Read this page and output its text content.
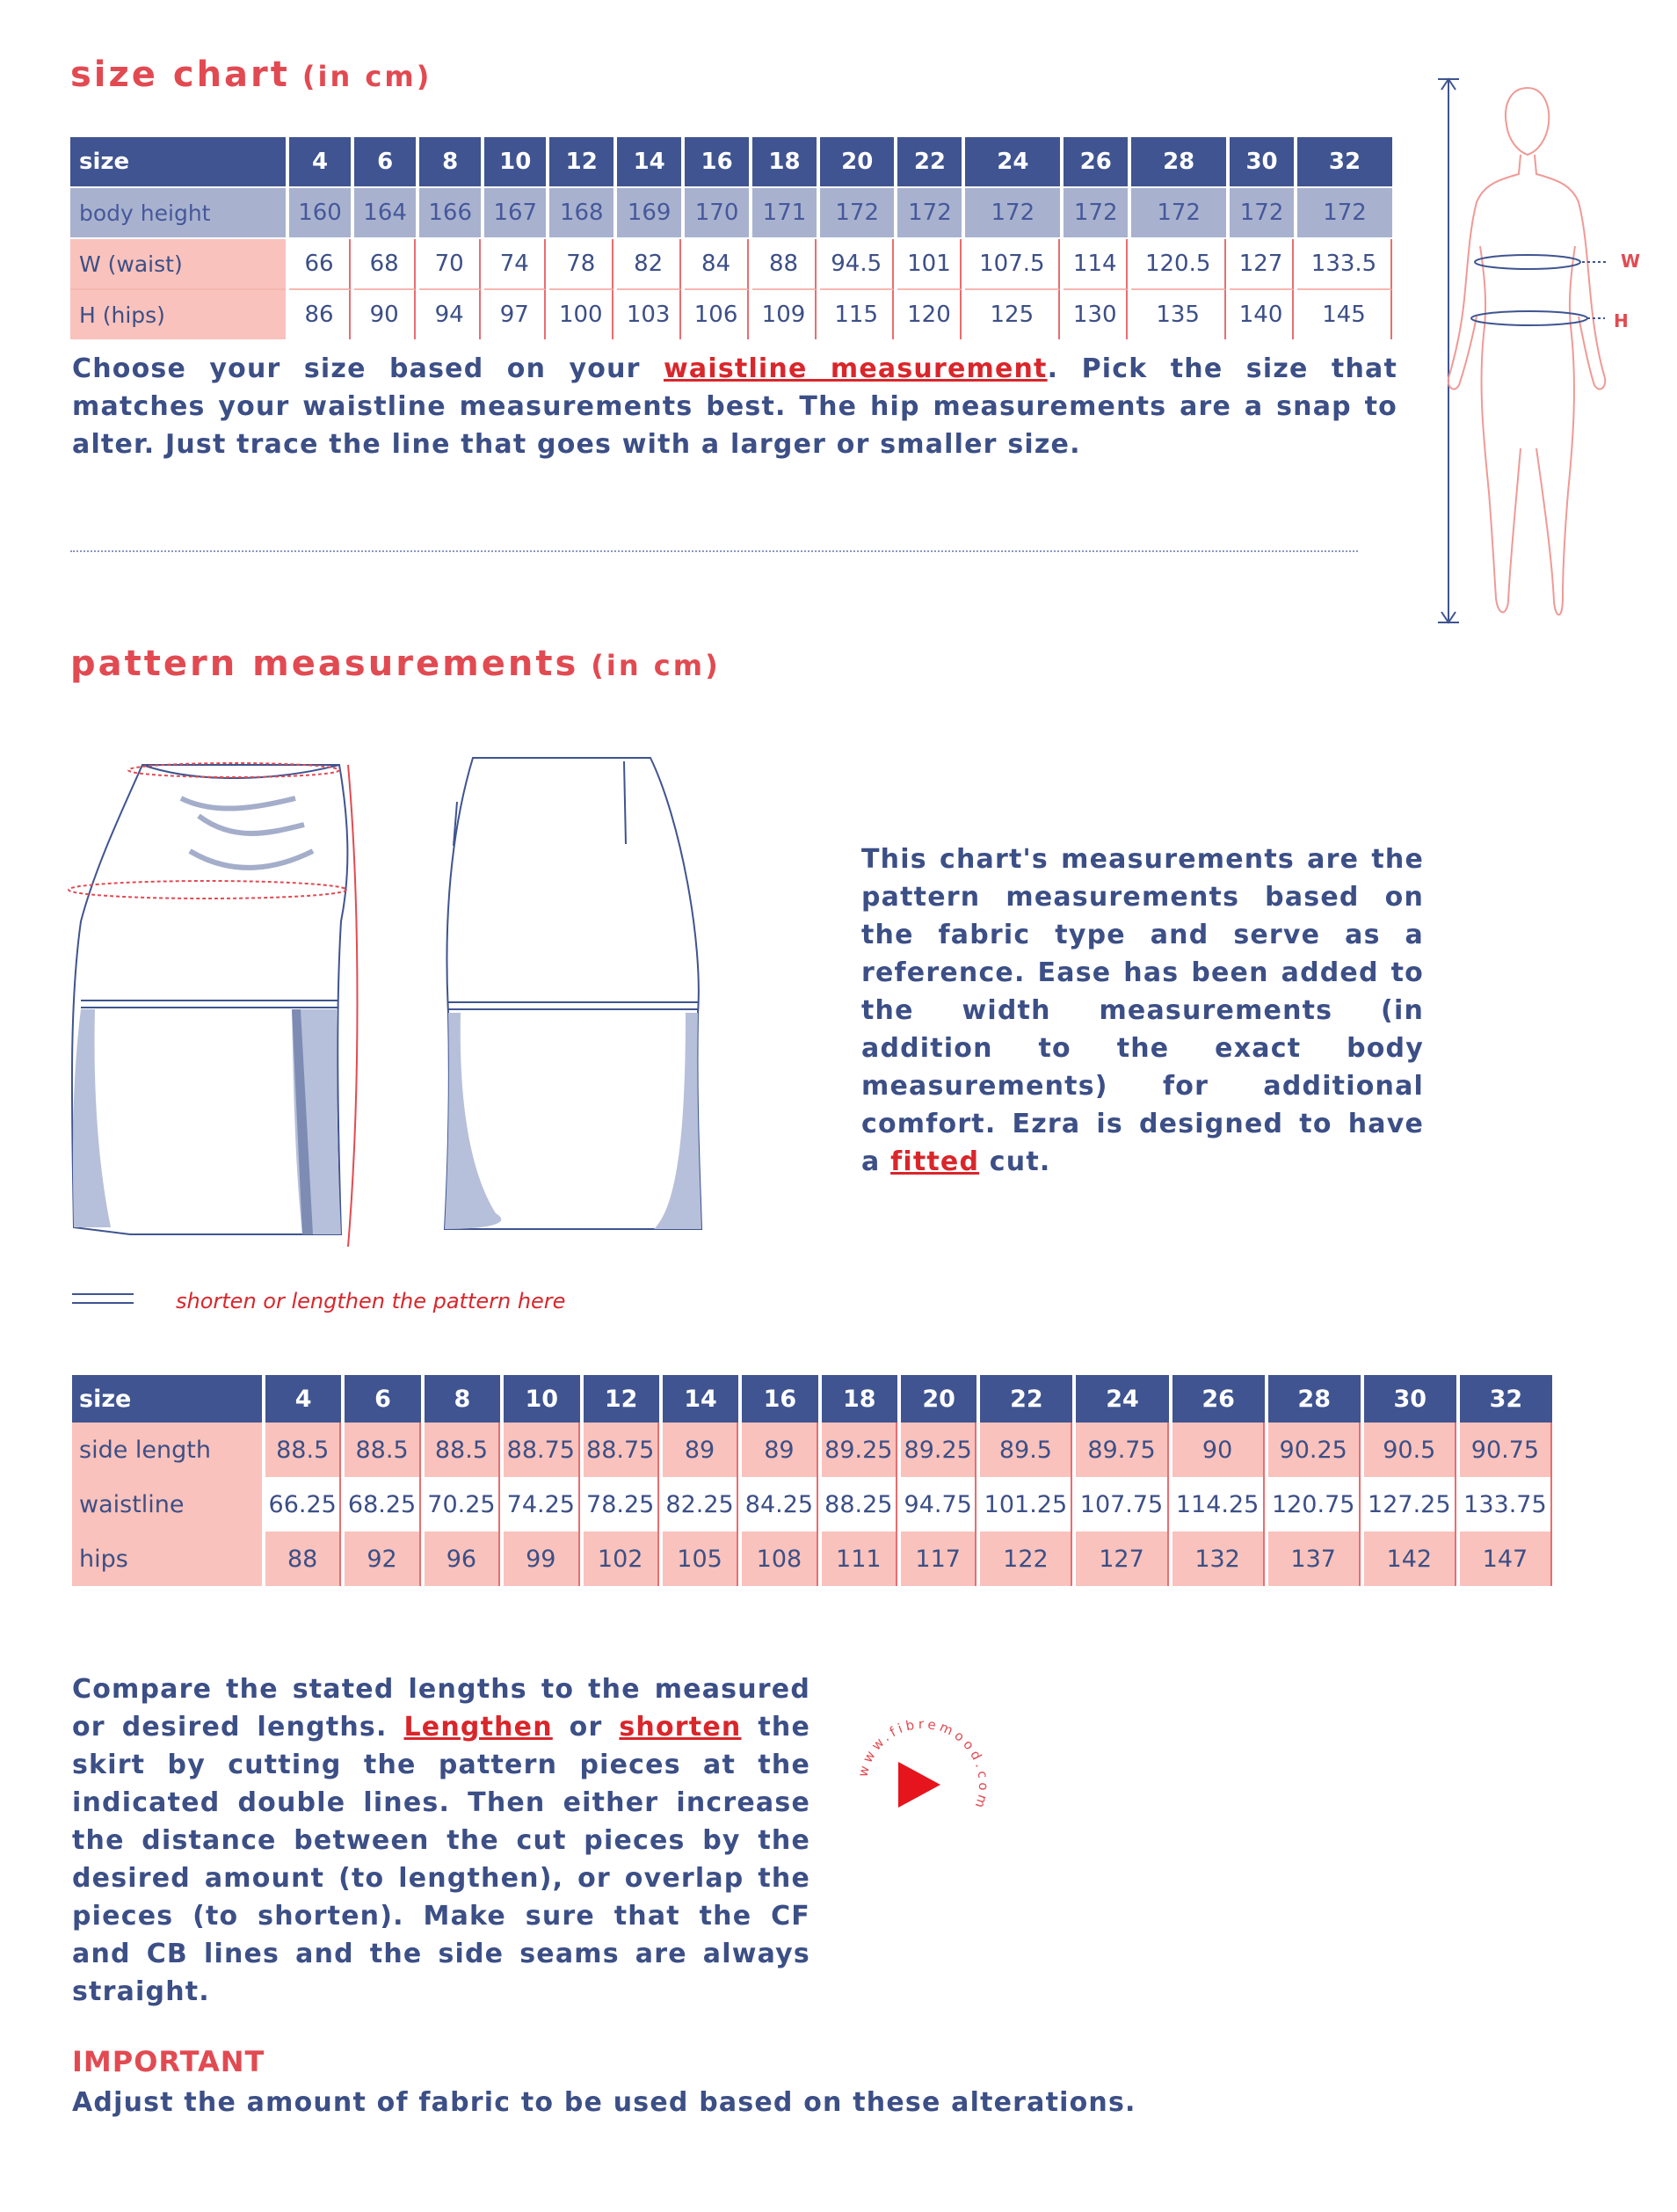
size chart (in cm)
size	4	6	8	10	12	14	16	18	20	22	24	26	28	30	32
body height	160	164	166	167	168	169	170	171	172	172	172	172	172	172	172
W (waist)	66	68	70	74	78	82	84	88	94.5	101	107.5	114	120.5	127	133.5
H (hips)	86	90	94	97	100	103	106	109	115	120	125	130	135	140	145
Choose your size based on your waistline measurement. Pick the size that matches your waistline measurements best. The hip measurements are a snap to alter. Just trace the line that goes with a larger or smaller size.
W
H
pattern measurements (in cm)
This chart's measurements are the pattern measurements based on the fabric type and serve as a reference. Ease has been added to the width measurements (in addition to the exact body measurements) for additional comfort. Ezra is designed to have a fitted cut.
shorten or lengthen the pattern here
size	4	6	8	10	12	14	16	18	20	22	24	26	28	30	32
side length	88.5	88.5	88.5	88.75	88.75	89	89	89.25	89.25	89.5	89.75	90	90.25	90.5	90.75
waistline	66.25	68.25	70.25	74.25	78.25	82.25	84.25	88.25	94.75	101.25	107.75	114.25	120.75	127.25	133.75
hips	88	92	96	99	102	105	108	111	117	122	127	132	137	142	147
Compare the stated lengths to the measured or desired lengths. Lengthen or shorten the skirt by cutting the pattern pieces at the indicated double lines. Then either increase the distance between the cut pieces by the desired amount (to lengthen), or overlap the pieces (to shorten). Make sure that the CF and CB lines and the side seams are always straight.
www.fibremood.com
IMPORTANT
Adjust the amount of fabric to be used based on these alterations.
